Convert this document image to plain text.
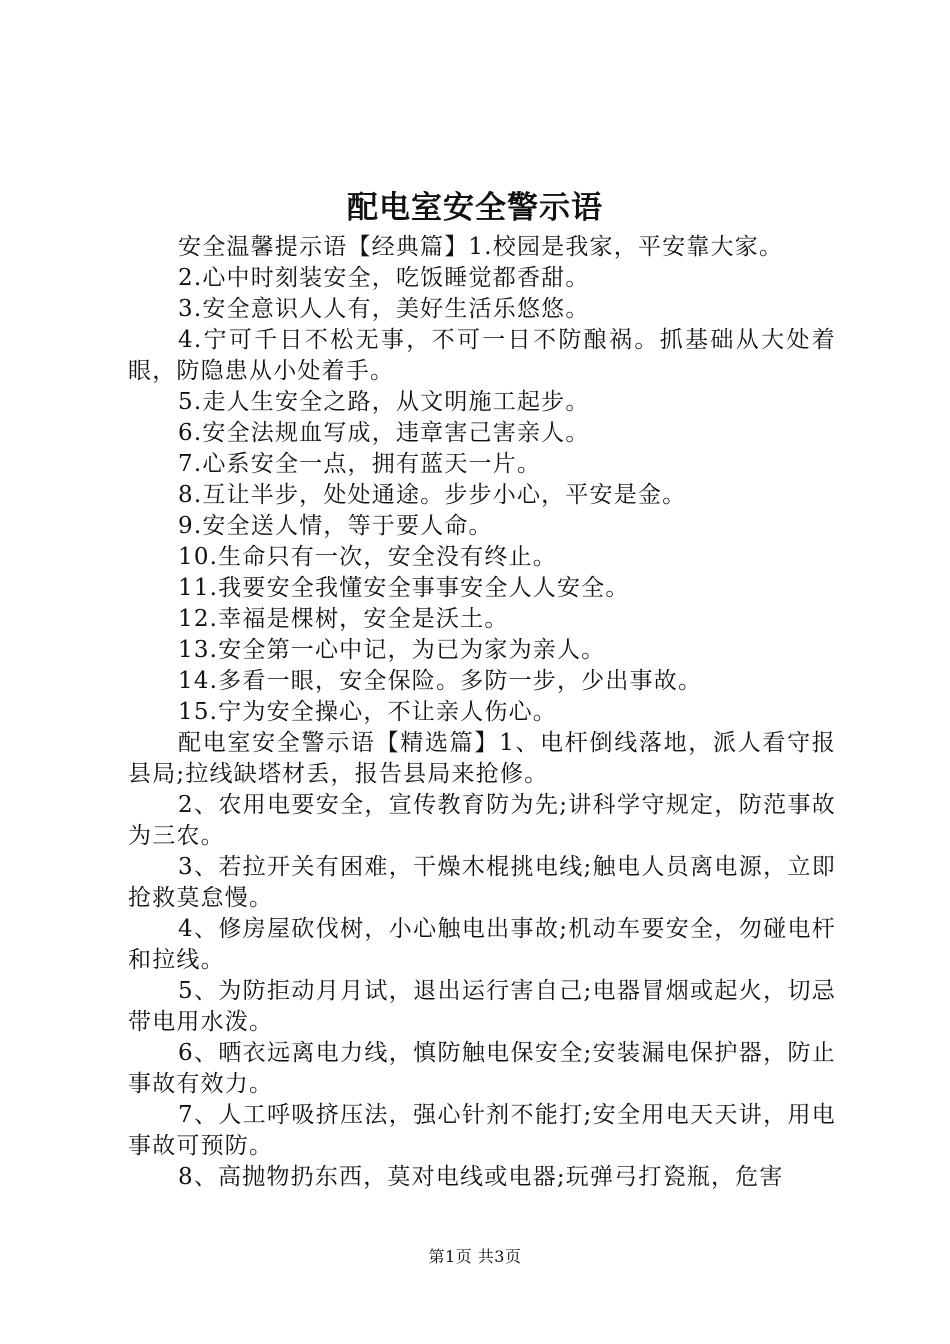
配电室安全警示语

安全温馨提示语【经典篇】1.校园是我家，平安靠大家。

2.心中时刻装安全，吃饭睡觉都香甜。

3.安全意识人人有，美好生活乐悠悠。

4.宁可千日不松无事，不可一日不防酿祸。抓基础从大处着眼，防隐患从小处着手。

5.走人生安全之路，从文明施工起步。

6.安全法规血写成，违章害己害亲人。

7.心系安全一点，拥有蓝天一片。

8.互让半步，处处通途。步步小心，平安是金。

9.安全送人情，等于要人命。

10.生命只有一次，安全没有终止。

11.我要安全我懂安全事事安全人人安全。

12.幸福是棵树，安全是沃土。

13.安全第一心中记，为已为家为亲人。

14.多看一眼，安全保险。多防一步，少出事故。

15.宁为安全操心，不让亲人伤心。

配电室安全警示语【精选篇】1、电杆倒线落地，派人看守报县局;拉线缺塔材丢，报告县局来抢修。

2、农用电要安全，宣传教育防为先;讲科学守规定，防范事故为三农。

3、若拉开关有困难，干燥木棍挑电线;触电人员离电源，立即抢救莫怠慢。

4、修房屋砍伐树，小心触电出事故;机动车要安全，勿碰电杆和拉线。

5、为防拒动月月试，退出运行害自己;电器冒烟或起火，切忌带电用水泼。

6、晒衣远离电力线，慎防触电保安全;安装漏电保护器，防止事故有效力。

7、人工呼吸挤压法，强心针剂不能打;安全用电天天讲，用电事故可预防。

8、高抛物扔东西，莫对电线或电器;玩弹弓打瓷瓶，危害

第1页 共3页
